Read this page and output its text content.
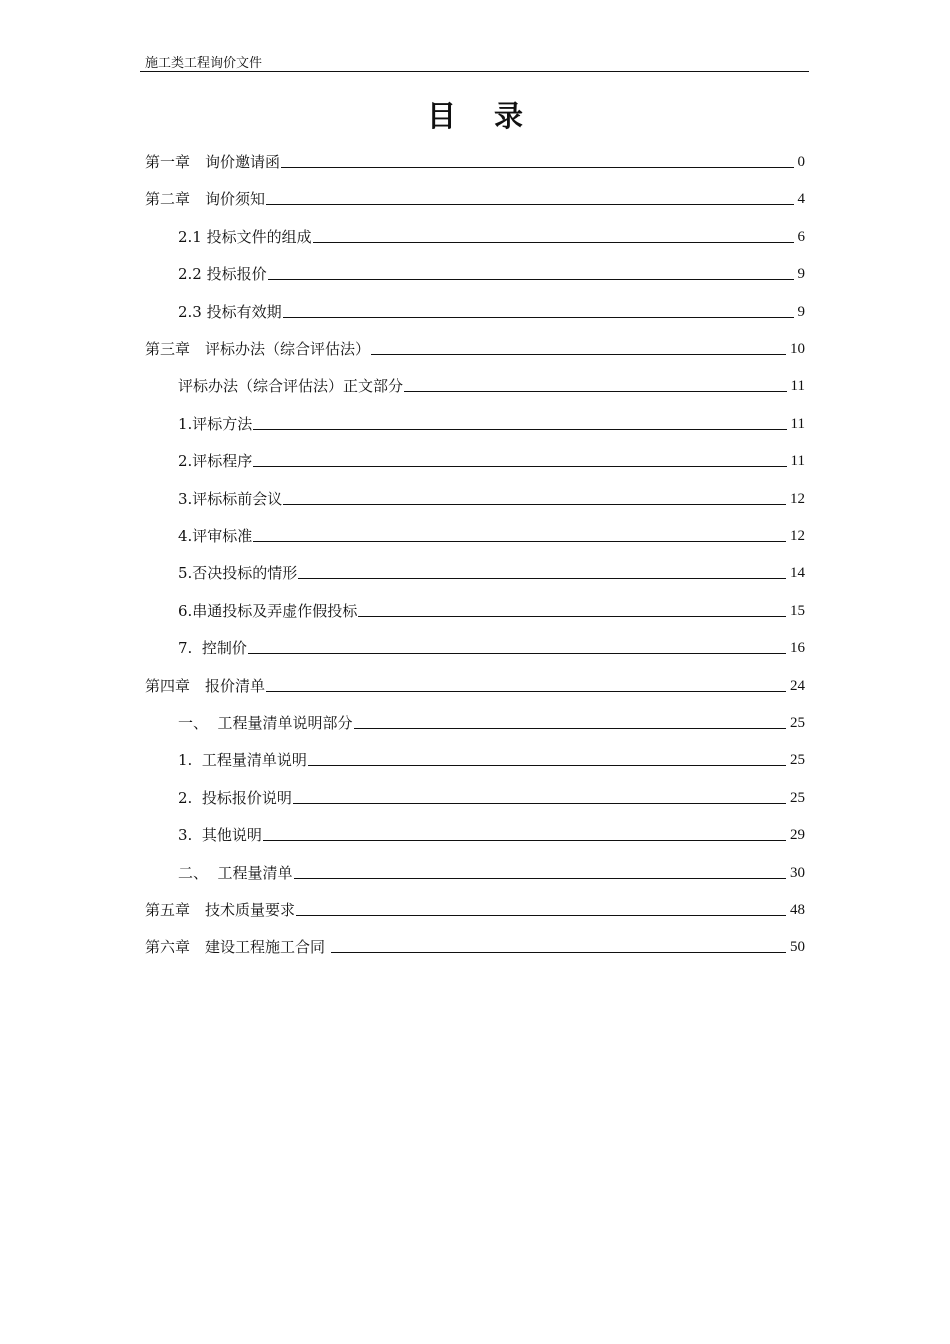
施工类工程询价文件
目录
第一章　询价邀请函	0
第二章　询价须知	4
2.1 投标文件的组成	6
2.2 投标报价	9
2.3 投标有效期	9
第三章　评标办法（综合评估法）	10
评标办法（综合评估法）正文部分	11
1.评标方法	11
2.评标程序	11
3.评标标前会议	12
4.评审标准	12
5.否决投标的情形	14
6.串通投标及弄虚作假投标	15
7.  控制价	16
第四章　报价清单	24
一、  工程量清单说明部分	25
1.  工程量清单说明	25
2.  投标报价说明	25
3.  其他说明	29
二、  工程量清单	30
第五章　技术质量要求	48
第六章　建设工程施工合同	50
